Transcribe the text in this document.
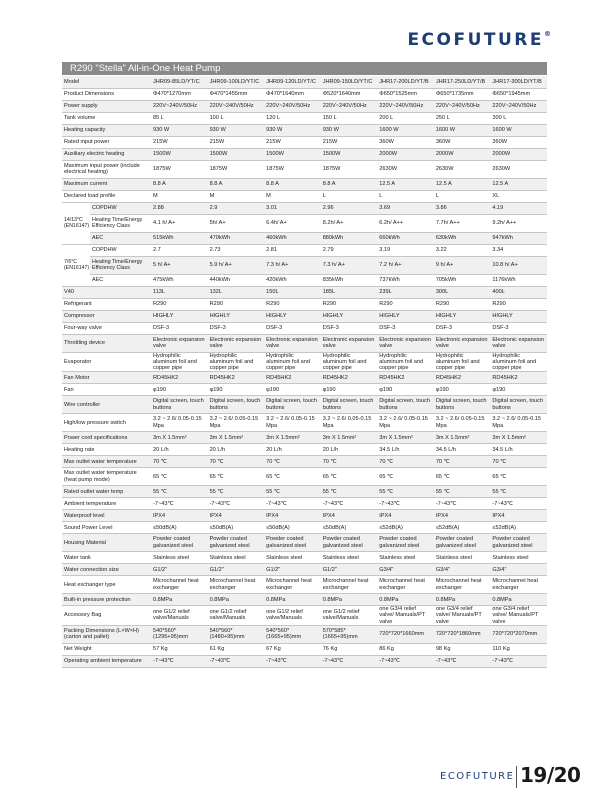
ECOFUTURE®
R290 "Stella" All-in-One Heat Pump
Model		JHR09-85LD/YT/C	JHR09-100LD/YT/C	JHR09-120LD/YT/C	JHR09-150LD/YT/C	JHR17-200LD/YT/B	JHR17-250LD/YT/B	JHR17-300LD/YT/B
Product Dimensions		Φ470*1270mm	Φ470*1455mm	Φ470*1640mm	Φ520*1640mm	Φ650*1525mm	Φ650*1735mm	Φ650*1945mm
Power supply		220V~240V/50Hz	220V~240V/50Hz	220V~240V/50Hz	220V~240V/50Hz	220V~240V/50Hz	220V~240V/50Hz	220V~240V/50Hz
Tank volume		85 L	100 L	120 L	150 L	200 L	250 L	300 L
Heating capacity		930 W	930 W	930 W	930 W	1600 W	1600 W	1600 W
Rated input power		215W	215W	215W	215W	360W	360W	360W
Auxiliary electric heating		1500W	1500W	1500W	1500W	2000W	2000W	2000W
Maximum input power (include electrical heating)		1875W	1875W	1875W	1875W	2630W	2630W	2630W
Maximum current		8.8 A	8.8 A	8.8 A	8.8 A	12.5 A	12.5 A	12.5 A
Declared load profile		M	M	M	L	L	L	XL
14/13°C (EN16147)	COPDHW	2.88	2.9	3.01	2.96	3.69	3.86	4.19
	Heating Time/Energy Efficiency Class	4.1 h/ A+	5h/ A+	6.4h/ A+	8.2h/ A+	6.2h/ A++	7.7h/ A++	9.2h/ A++
	AEC	515kWh	470kWh	460kWh	880kWh	660kWh	630kWh	947kWh
7/6°C (EN16147)	COPDHW	2.7	2.73	2.81	2.79	3.19	3.22	3.34
	Heating Time/Energy Efficiency Class	5 h/ A+	5.9 h/ A+	7.3 h/ A+	7.3 h/ A+	7.2 h/ A+	9 h/ A+	10.8 h/ A+
	AEC	475kWh	440kWh	420kWh	835kWh	737kWh	705kWh	1176kWh
V40		113L	132L	150L	185L	239L	300L	400L
Refrigerant		R290	R290	R290	R290	R290	R290	R290
Compressor		HIGHLY	HIGHLY	HIGHLY	HIGHLY	HIGHLY	HIGHLY	HIGHLY
Four-way valve		DSF-3	DSF-3	DSF-3	DSF-3	DSF-3	DSF-3	DSF-3
Throttling device		Electronic expansion valve	Electronic expansion valve	Electronic expansion valve	Electronic expansion valve	Electronic expansion valve	Electronic expansion valve	Electronic expansion valve
Evaporator		Hydrophilic aluminum foil and copper pipe	Hydrophilic aluminum foil and copper pipe	Hydrophilic aluminum foil and copper pipe	Hydrophilic aluminum foil and copper pipe	Hydrophilic aluminum foil and copper pipe	Hydrophilic aluminum foil and copper pipe	Hydrophilic aluminum foil and copper pipe
Fan Motor		RD45HK2	RD45HK2	RD45HK2	RD45HK2	RD45HK2	RD45HK2	RD45HK2
Fan		φ190	φ190	φ190	φ190	φ190	φ190	φ190
Wire controller		Digital screen, touch buttons	Digital screen, touch buttons	Digital screen, touch buttons	Digital screen, touch buttons	Digital screen, touch buttons	Digital screen, touch buttons	Digital screen, touch buttons
High/low pressure switch		3.2 ~ 2.6/ 0.05-0.15 Mpa	3.2 ~ 2.6/ 0.05-0.15 Mpa	3.2 ~ 2.6/ 0.05-0.15 Mpa	3.2 ~ 2.6/ 0.05-0.15 Mpa	3.2 ~ 2.6/ 0.05-0.15 Mpa	3.2 ~ 2.6/ 0.05-0.15 Mpa	3.2 ~ 2.6/ 0.05-0.15 Mpa
Power cord specifications		3m X 1.5mm²	3m X 1.5mm²	3m X 1.5mm²	3m X 1.5mm²	3m X 1.5mm²	3m X 1.5mm²	3m X 1.5mm²
Heating rate		20 L/h	20 L/h	20 L/h	20 L/h	34.5 L/h	34.5 L/h	34.5 L/h
Max outlet water temperature		70 ℃	70 ℃	70 ℃	70 ℃	70 ℃	70 ℃	70 ℃
Max outlet water temperature (heat pump mode)		65 ℃	65 ℃	65 ℃	65 ℃	65 ℃	65 ℃	65 ℃
Rated outlet water temp		55 ℃	55 ℃	55 ℃	55 ℃	55 ℃	55 ℃	55 ℃
Ambient temperature		-7~43℃	-7~43℃	-7~43℃	-7~43℃	-7~43℃	-7~43℃	-7~43℃
Waterproof level		IPX4	IPX4	IPX4	IPX4	IPX4	IPX4	IPX4
Sound Power Level		≤50dB(A)	≤50dB(A)	≤50dB(A)	≤50dB(A)	≤52dB(A)	≤52dB(A)	≤52dB(A)
Housing Material		Powder coated galvanized steel	Powder coated galvanized steel	Powder coated galvanized steel	Powder coated galvanized steel	Powder coated galvanized steel	Powder coated galvanized steel	Powder coated galvanized steel
Water tank		Stainless steel	Stainless steel	Stainless steel	Stainless steel	Stainless steel	Stainless steel	Stainless steel
Water connection size		G1/2"	G1/2"	G1/2"	G1/2"	G3/4"	G3/4"	G3/4"
Heat exchanger type		Microchannel heat exchanger	Microchannel heat exchanger	Microchannel heat exchanger	Microchannel heat exchanger	Microchannel heat exchanger	Microchannel heat exchanger	Microchannel heat exchanger
Built-in pressure protection		0.8MPa	0.8MPa	0.8MPa	0.8MPa	0.8MPa	0.8MPa	0.8MPa
Accessory Bag		one G1/2 relief valve/Manuals	one G1/2 relief valve/Manuals	one G1/2 relief valve/Manuals	one G1/2 relief valve/Manuals	one G3/4 relief valve/ Manuals/PT valve	one G3/4 relief valve/ Manuals/PT valve	one G3/4 relief valve/ Manuals/PT valve
Packing Dimensions (L×W×H) (carton and pallet)		540*560* (1295+95)mm	540*560* (1480+95)mm	540*560* (1665+95)mm	570*585* (1665+95)mm	720*720*1660mm	720*720*1860mm	720*720*2070mm
Net Weight		57 Kg	61 Kg	67 Kg	76 Kg	86 Kg	98 Kg	110 Kg
Operating ambient temperature		-7~43℃	-7~43℃	-7~43℃	-7~43℃	-7~43℃	-7~43℃	-7~43℃
ECOFUTURE 19/20
